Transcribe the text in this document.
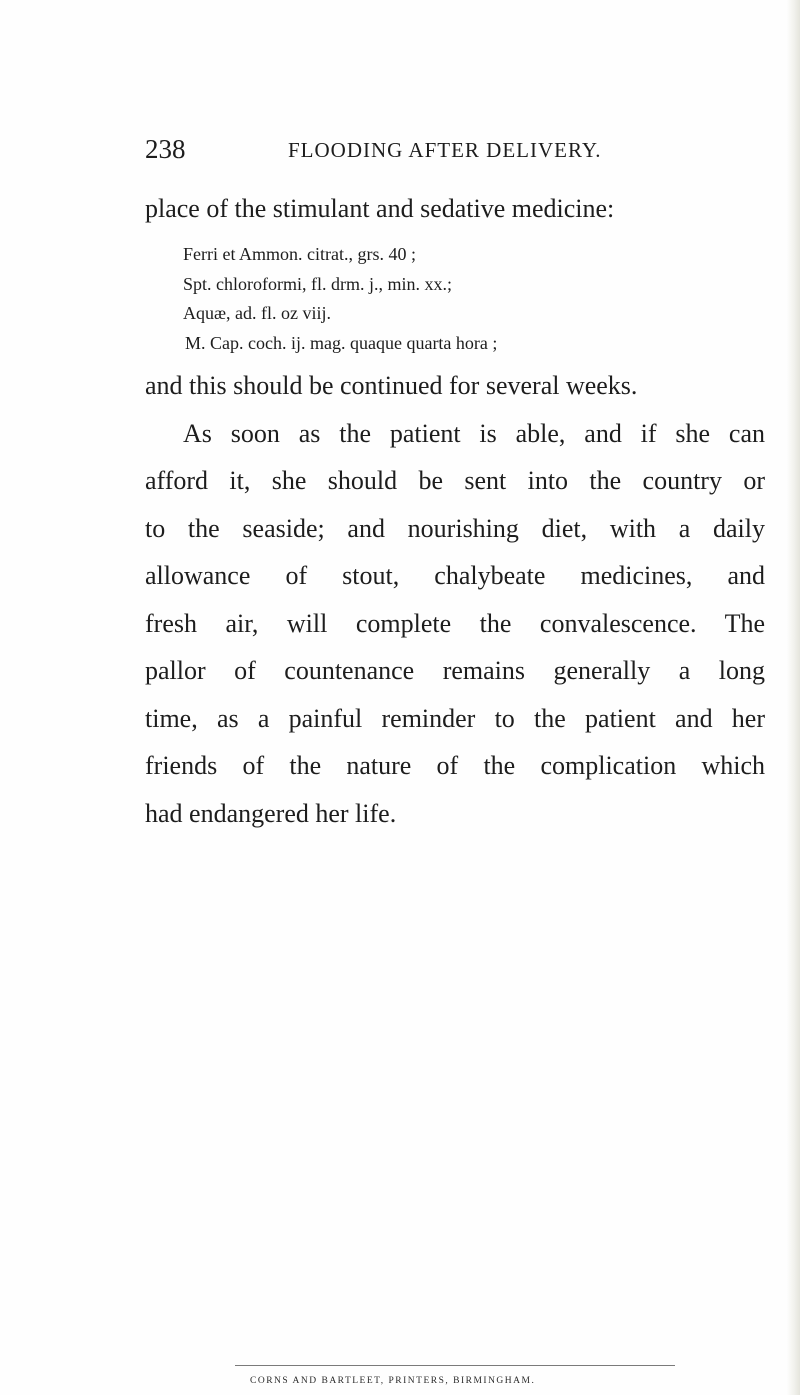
238	FLOODING AFTER DELIVERY.
place of the stimulant and sedative medicine:
Ferri et Ammon. citrat., grs. 40 ;
Spt. chloroformi, fl. drm. j., min. xx.;
Aquæ, ad. fl. oz viij.
M. Cap. coch. ij. mag. quaque quarta hora ;
and this should be continued for several weeks.
As soon as the patient is able, and if she can
afford it, she should be sent into the country or
to the seaside; and nourishing diet, with a daily
allowance of stout, chalybeate medicines, and
fresh air, will complete the convalescence. The
pallor of countenance remains generally a long
time, as a painful reminder to the patient and her
friends of the nature of the complication which
had endangered her life.
CORNS AND BARTLEET, PRINTERS, BIRMINGHAM.
